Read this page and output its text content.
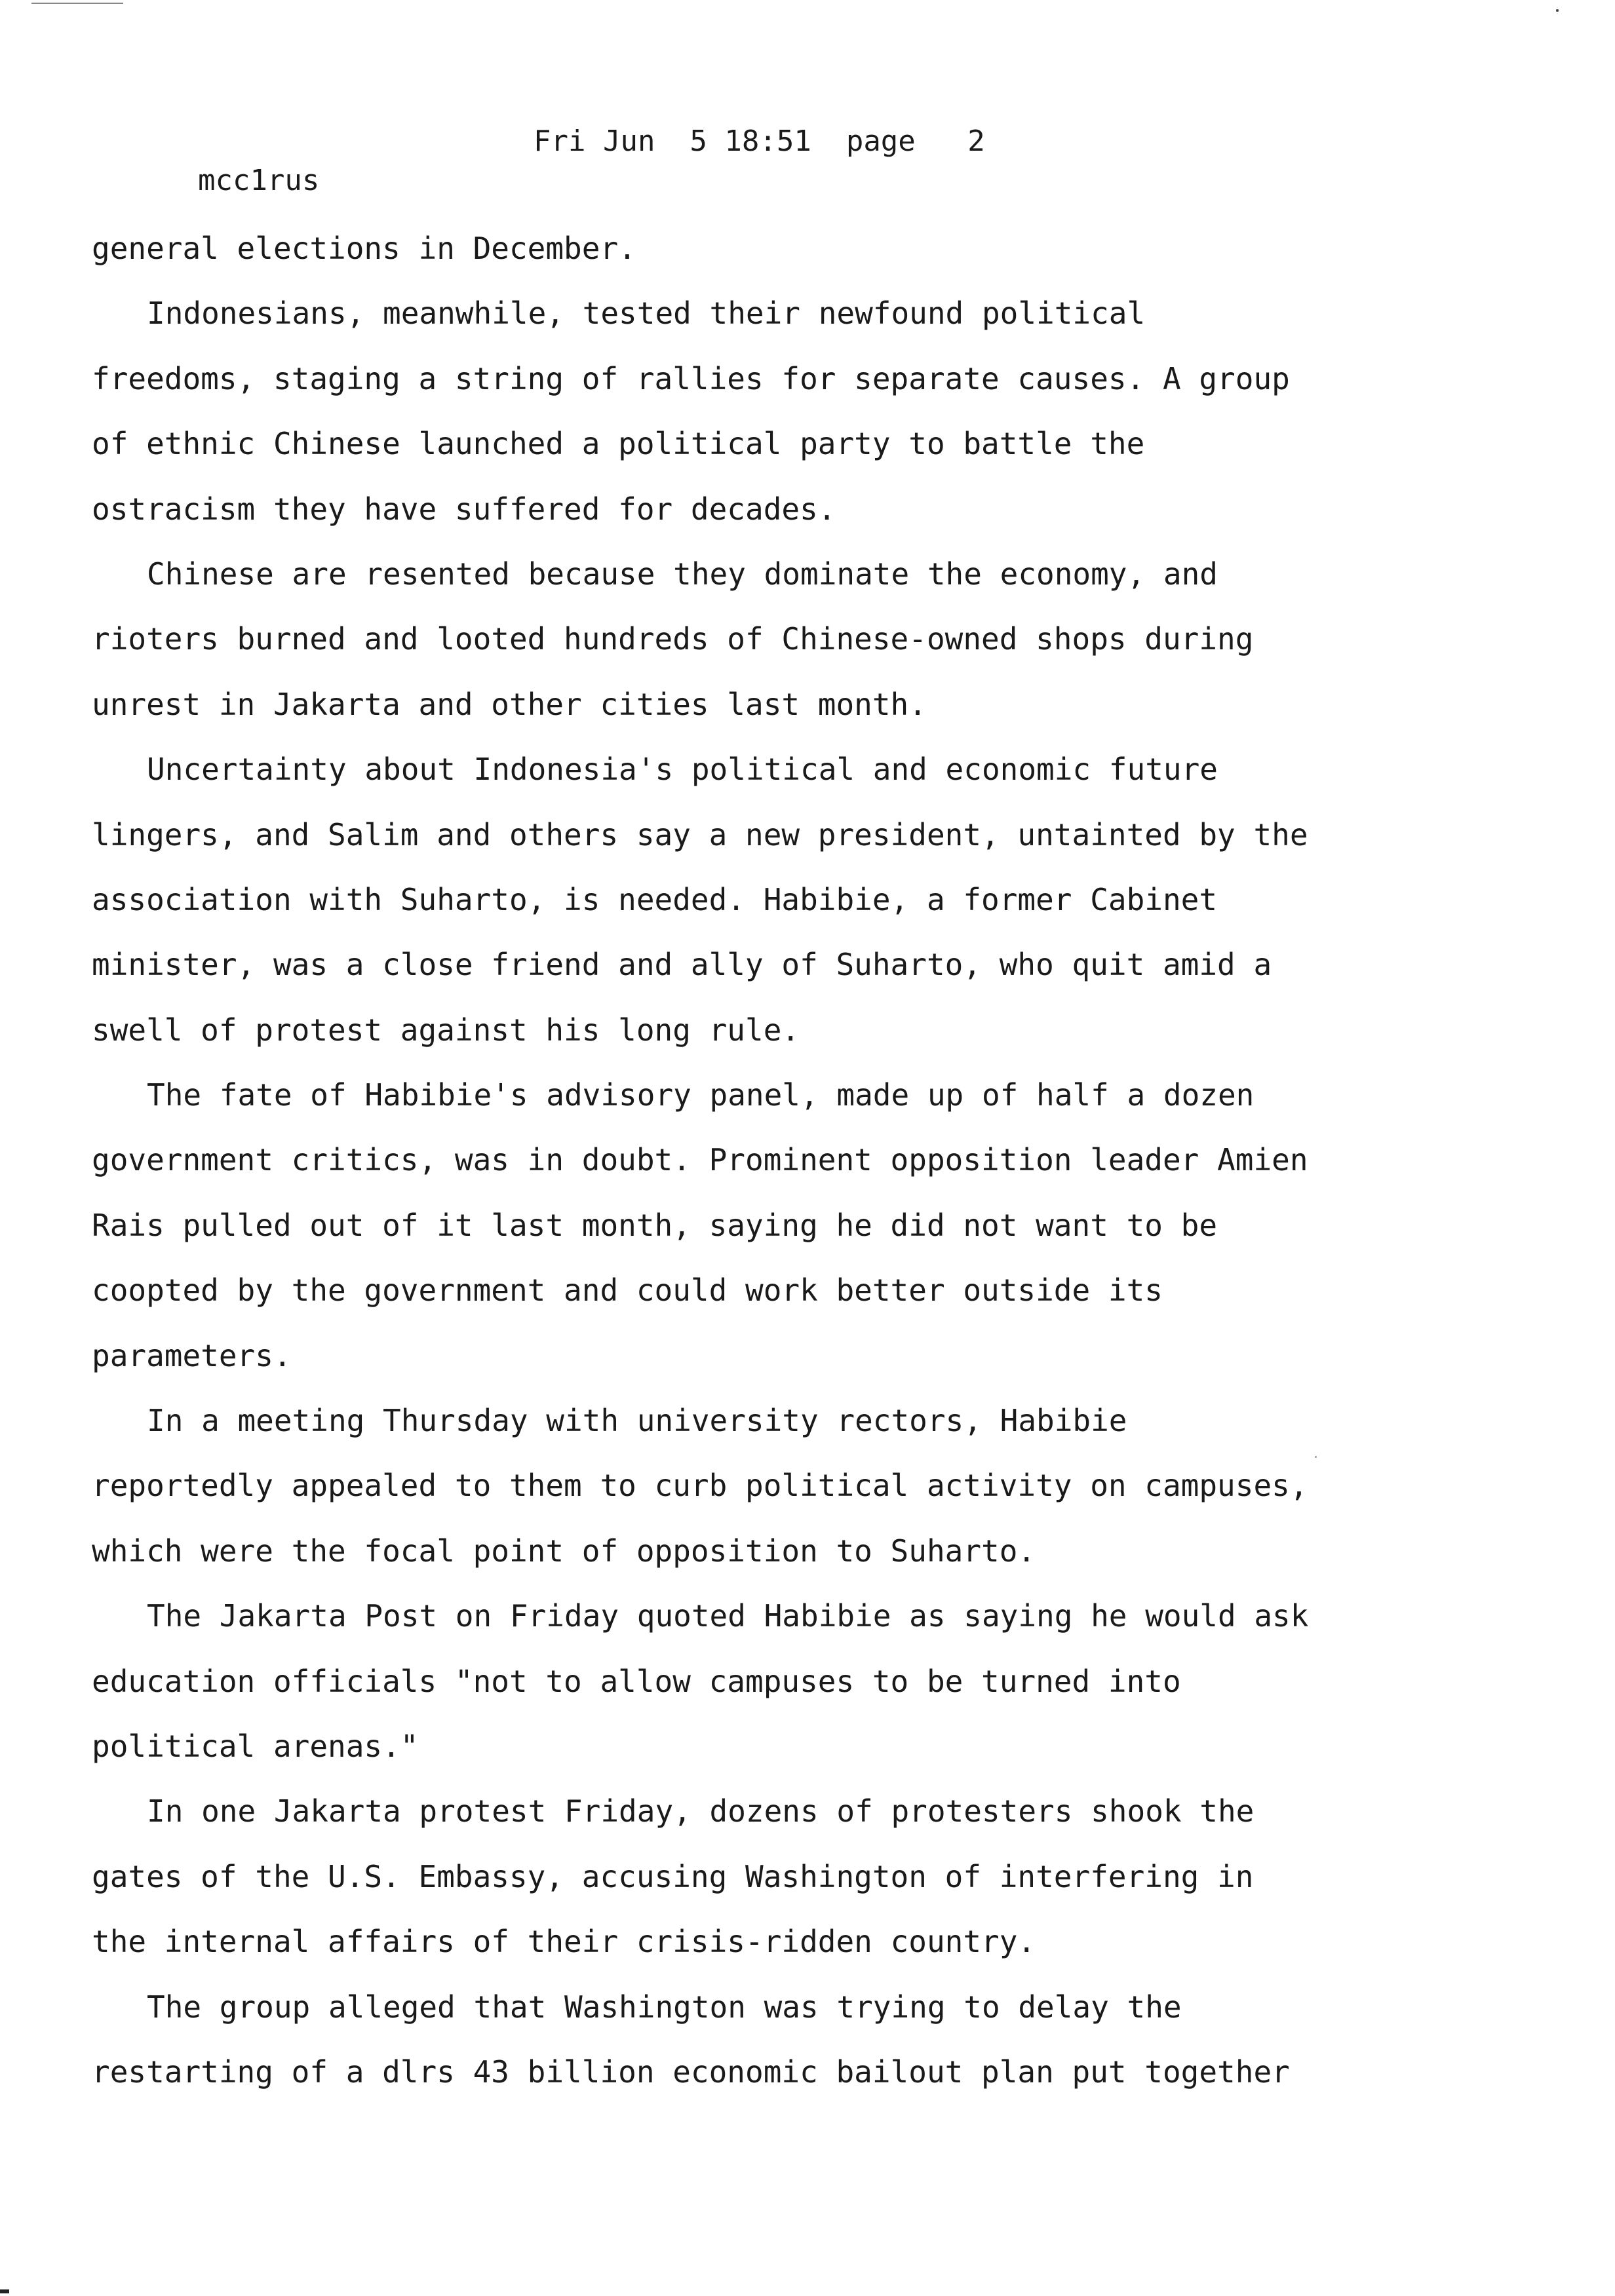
mcc1rus

Fri Jun  5 18:51  page   2

general elections in December.
Indonesians, meanwhile, tested their newfound political
freedoms, staging a string of rallies for separate causes. A group
of ethnic Chinese launched a political party to battle the
ostracism they have suffered for decades.
Chinese are resented because they dominate the economy, and
rioters burned and looted hundreds of Chinese-owned shops during
unrest in Jakarta and other cities last month.
Uncertainty about Indonesia's political and economic future
lingers, and Salim and others say a new president, untainted by the
association with Suharto, is needed. Habibie, a former Cabinet
minister, was a close friend and ally of Suharto, who quit amid a
swell of protest against his long rule.
The fate of Habibie's advisory panel, made up of half a dozen
government critics, was in doubt. Prominent opposition leader Amien
Rais pulled out of it last month, saying he did not want to be
coopted by the government and could work better outside its
parameters.
In a meeting Thursday with university rectors, Habibie
reportedly appealed to them to curb political activity on campuses,
which were the focal point of opposition to Suharto.
The Jakarta Post on Friday quoted Habibie as saying he would ask
education officials "not to allow campuses to be turned into
political arenas."
In one Jakarta protest Friday, dozens of protesters shook the
gates of the U.S. Embassy, accusing Washington of interfering in
the internal affairs of their crisis-ridden country.
The group alleged that Washington was trying to delay the
restarting of a dlrs 43 billion economic bailout plan put together
